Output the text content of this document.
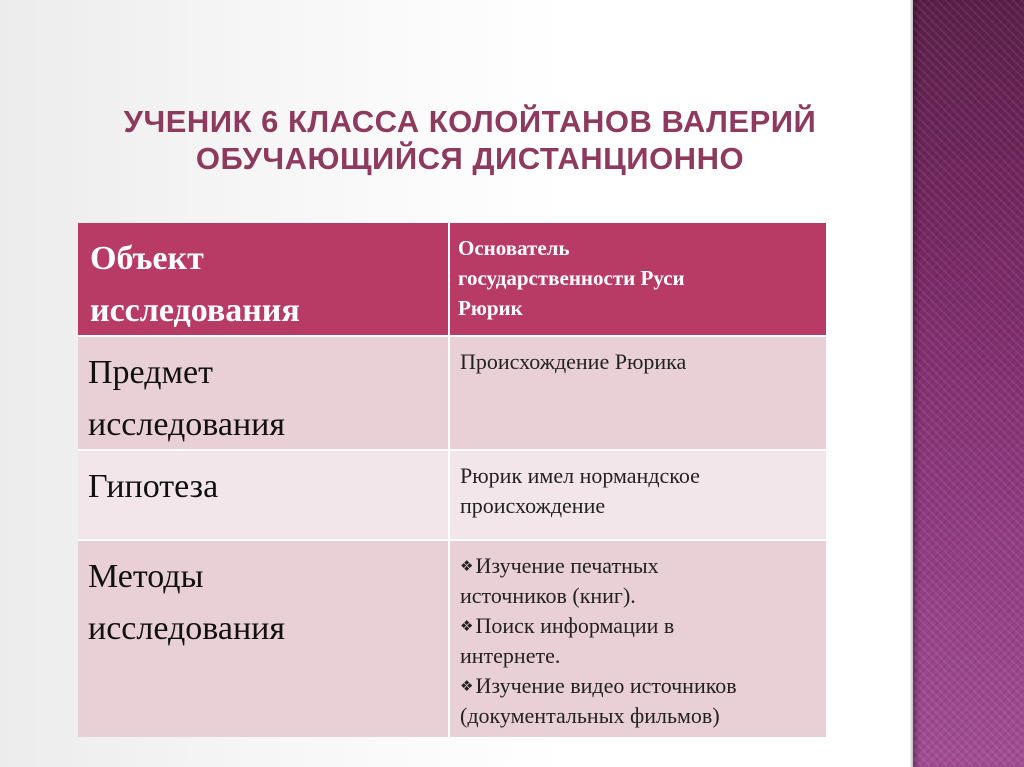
УЧЕНИК 6 КЛАССА КОЛОЙТАНОВ ВАЛЕРИЙ
ОБУЧАЮЩИЙСЯ ДИСТАНЦИОННО
Объект
исследования
Основатель
государственности Руси
Рюрик
Предмет
исследования
Происхождение Рюрика
Гипотеза	Рюрик имел нормандское
происхождение
Методы
исследования
❖Изучение печатных
источников (книг).
❖Поиск информации в
интернете.
❖Изучение видео источников
(документальных фильмов)
